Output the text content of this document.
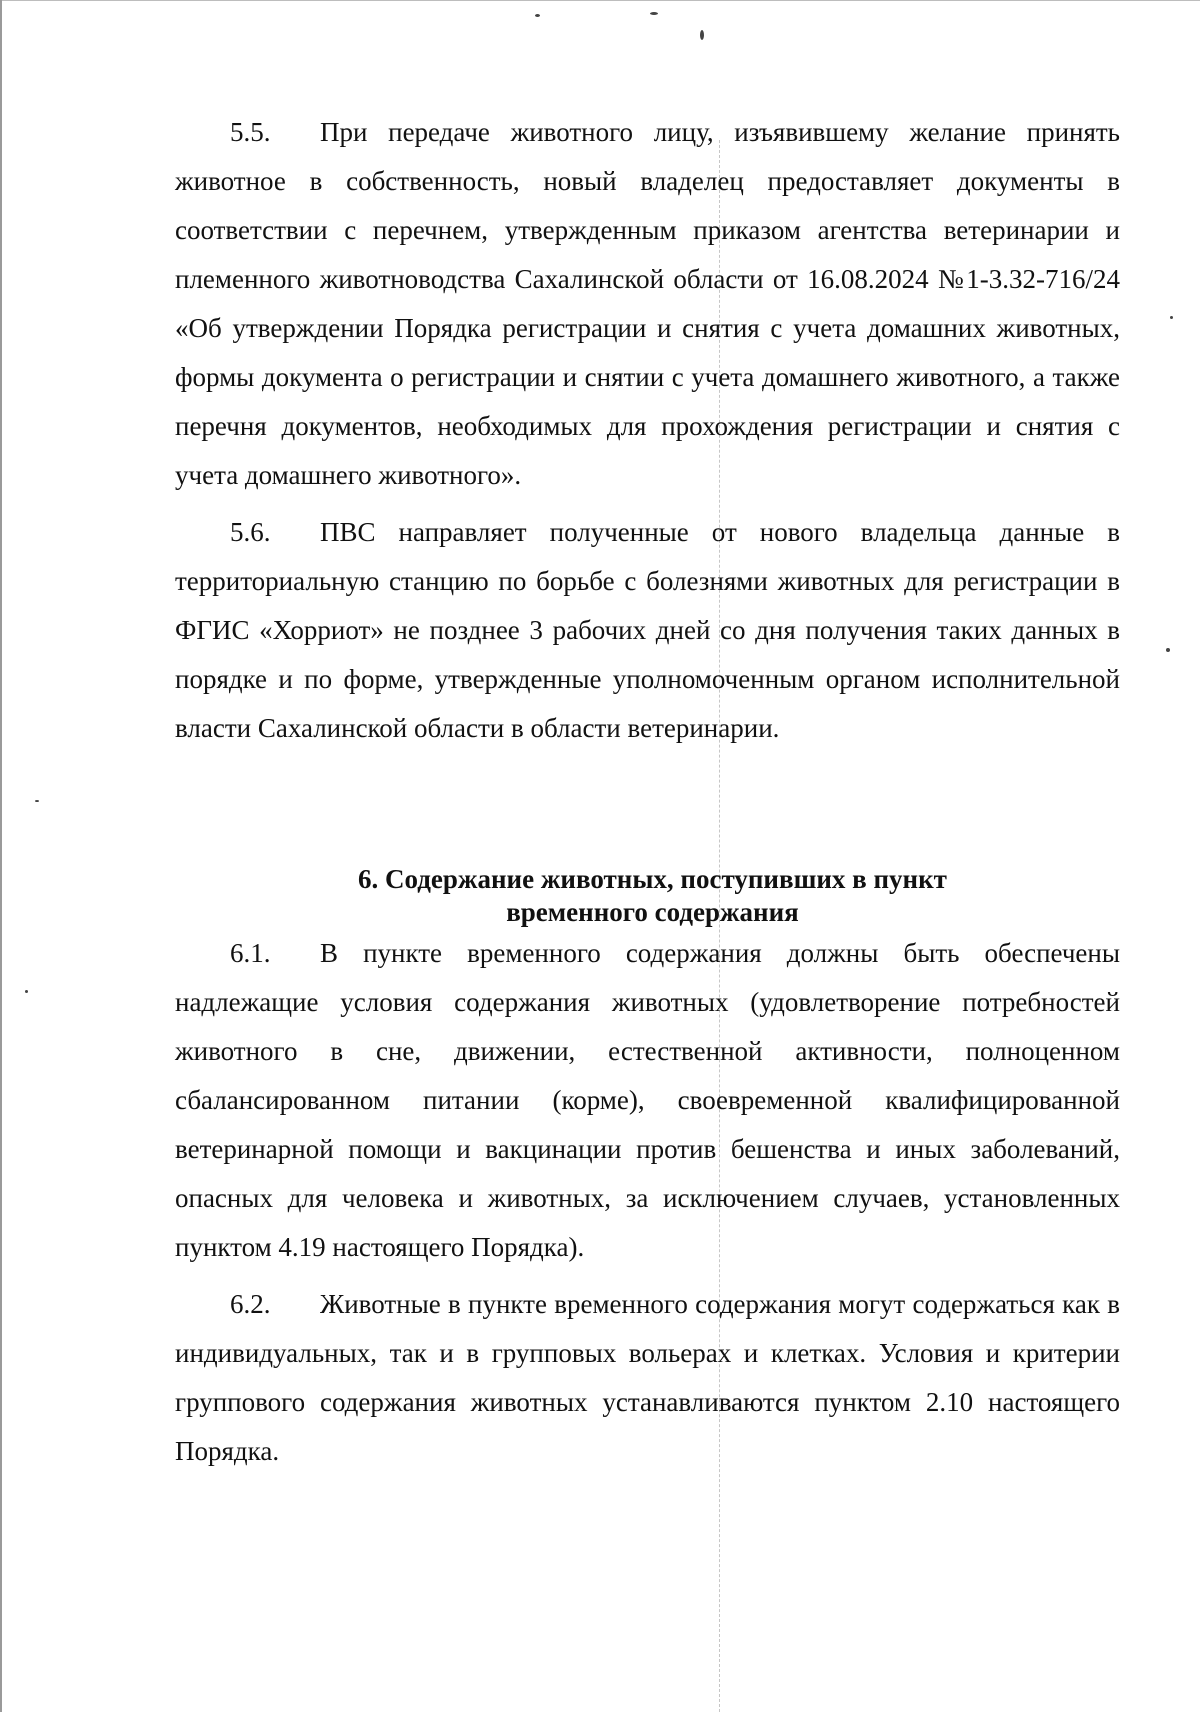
5.5. При передаче животного лицу, изъявившему желание принять животное в собственность, новый владелец предоставляет документы в соответствии с перечнем, утвержденным приказом агентства ветеринарии и племенного животноводства Сахалинской области от 16.08.2024 №1-3.32-716/24 «Об утверждении Порядка регистрации и снятия с учета домашних животных, формы документа о регистрации и снятии с учета домашнего животного, а также перечня документов, необходимых для прохождения регистрации и снятия с учета домашнего животного».

5.6. ПВС направляет полученные от нового владельца данные в территориальную станцию по борьбе с болезнями животных для регистрации в ФГИС «Хорриот» не позднее 3 рабочих дней со дня получения таких данных в порядке и по форме, утвержденные уполномоченным органом исполнительной власти Сахалинской области в области ветеринарии.

6. Содержание животных, поступивших в пункт

временного содержания

6.1. В пункте временного содержания должны быть обеспечены надлежащие условия содержания животных (удовлетворение потребностей животного в сне, движении, естественной активности, полноценном сбалансированном питании (корме), своевременной квалифицированной ветеринарной помощи и вакцинации против бешенства и иных заболеваний, опасных для человека и животных, за исключением случаев, установленных пунктом 4.19 настоящего Порядка).

6.2. Животные в пункте временного содержания могут содержаться как в индивидуальных, так и в групповых вольерах и клетках. Условия и критерии группового содержания животных устанавливаются пунктом 2.10 настоящего Порядка.
